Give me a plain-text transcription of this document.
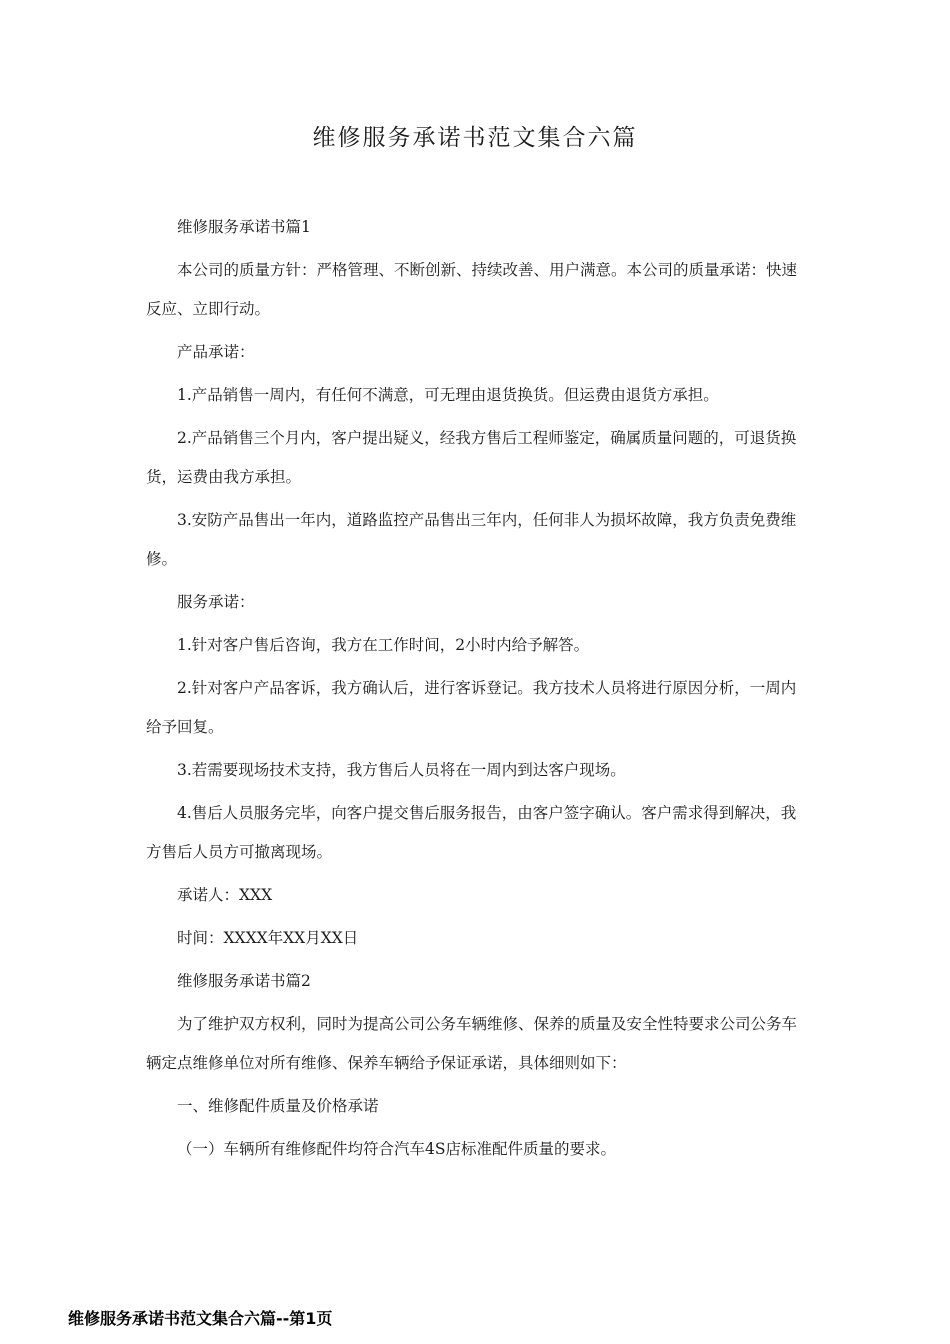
维修服务承诺书范文集合六篇

维修服务承诺书篇1

本公司的质量方针：严格管理、不断创新、持续改善、用户满意。本公司的质量承诺：快速反应、立即行动。

产品承诺：

1.产品销售一周内，有任何不满意，可无理由退货换货。但运费由退货方承担。

2.产品销售三个月内，客户提出疑义，经我方售后工程师鉴定，确属质量问题的，可退货换货，运费由我方承担。

3.安防产品售出一年内，道路监控产品售出三年内，任何非人为损坏故障，我方负责免费维修。

服务承诺：

1.针对客户售后咨询，我方在工作时间，2小时内给予解答。

2.针对客户产品客诉，我方确认后，进行客诉登记。我方技术人员将进行原因分析，一周内给予回复。

3.若需要现场技术支持，我方售后人员将在一周内到达客户现场。

4.售后人员服务完毕，向客户提交售后服务报告，由客户签字确认。客户需求得到解决，我方售后人员方可撤离现场。

承诺人：XXX

时间：XXXX年XX月XX日

维修服务承诺书篇2

为了维护双方权利，同时为提高公司公务车辆维修、保养的质量及安全性特要求公司公务车辆定点维修单位对所有维修、保养车辆给予保证承诺，具体细则如下：

一、维修配件质量及价格承诺

（一）车辆所有维修配件均符合汽车4S店标准配件质量的要求。

维修服务承诺书范文集合六篇--第1页
